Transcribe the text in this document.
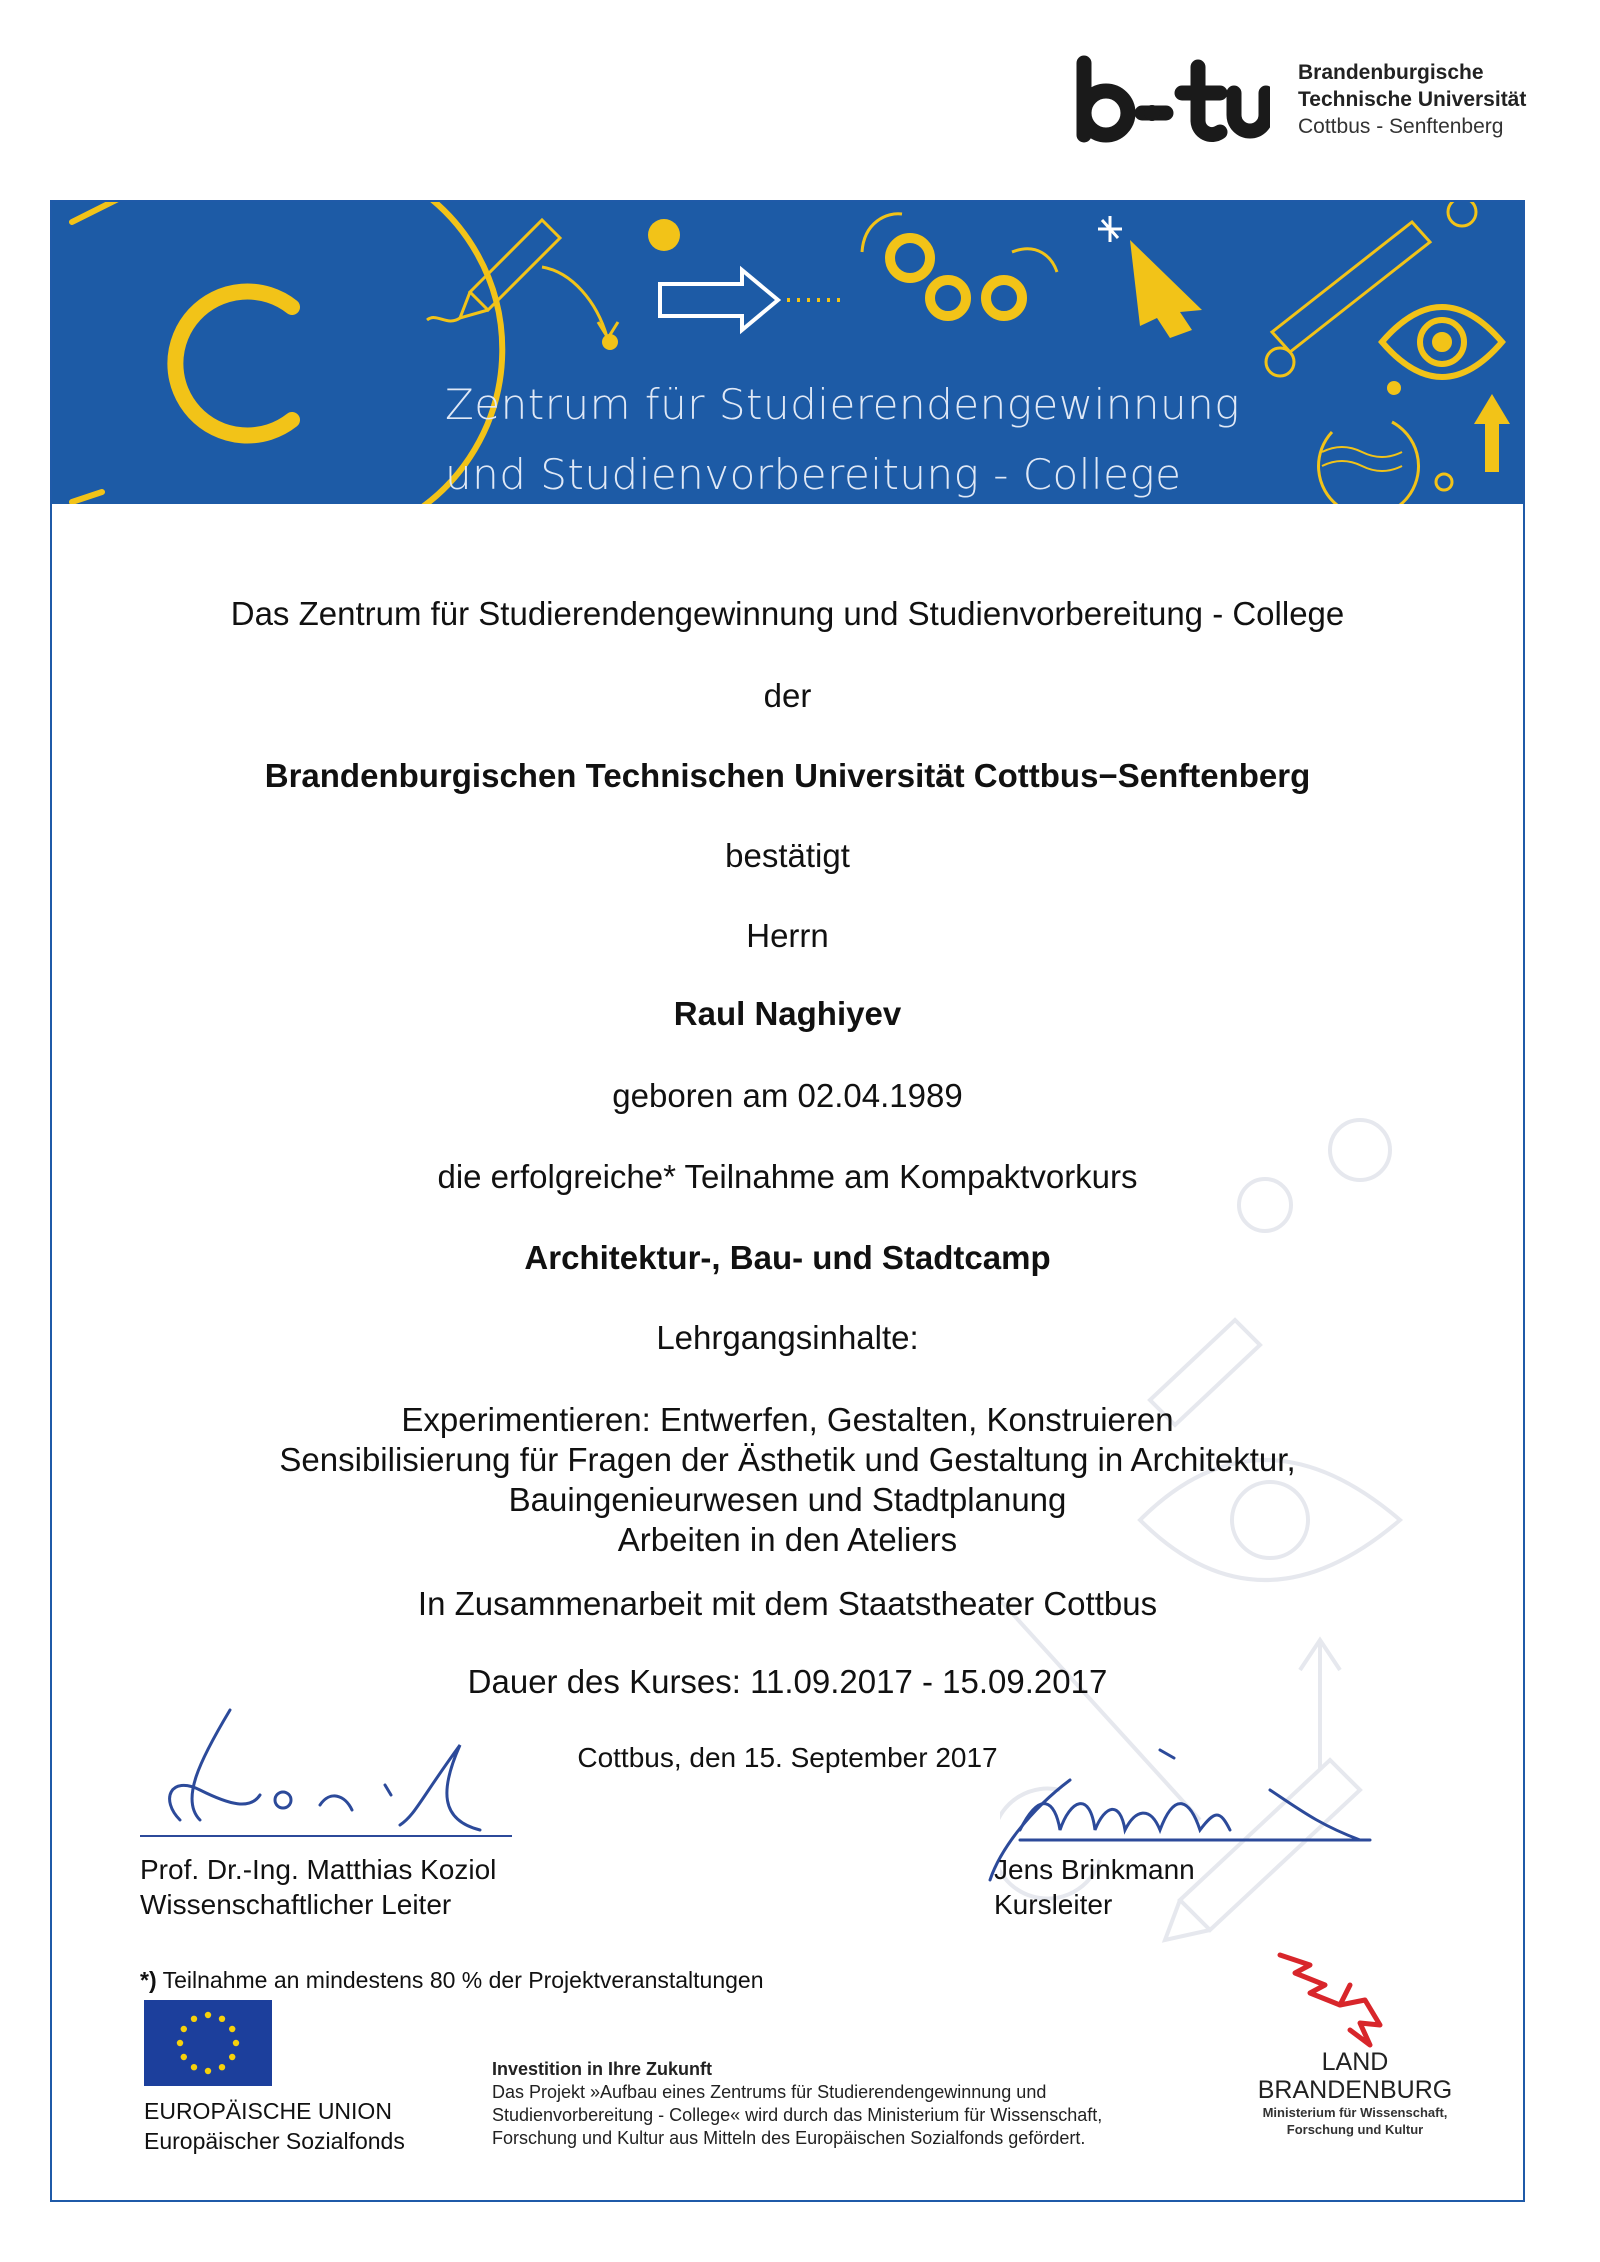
Brandenburgische
Technische Universität
Cottbus - Senftenberg
Zentrum für Studierendengewinnung
und Studienvorbereitung - College
Das Zentrum für Studierendengewinnung und Studienvorbereitung - College
der
Brandenburgischen Technischen Universität Cottbus−Senftenberg
bestätigt
Herrn
Raul Naghiyev
geboren am 02.04.1989
die erfolgreiche* Teilnahme am Kompaktvorkurs
Architektur-, Bau- und Stadtcamp
Lehrgangsinhalte:
Experimentieren: Entwerfen, Gestalten, Konstruieren
Sensibilisierung für Fragen der Ästhetik und Gestaltung in Architektur,
Bauingenieurwesen und Stadtplanung
Arbeiten in den Ateliers
In Zusammenarbeit mit dem Staatstheater Cottbus
Dauer des Kurses: 11.09.2017 - 15.09.2017
Cottbus, den 15. September 2017
Prof. Dr.-Ing. Matthias Koziol
Wissenschaftlicher Leiter
Jens Brinkmann
Kursleiter
*) Teilnahme an mindestens 80 % der Projektveranstaltungen
EUROPÄISCHE UNION
Europäischer Sozialfonds
Investition in Ihre Zukunft
Das Projekt »Aufbau eines Zentrums für Studierendengewinnung und
Studienvorbereitung - College« wird durch das Ministerium für Wissenschaft,
Forschung und Kultur aus Mitteln des Europäischen Sozialfonds gefördert.
LAND
BRANDENBURG
Ministerium für Wissenschaft,
Forschung und Kultur
